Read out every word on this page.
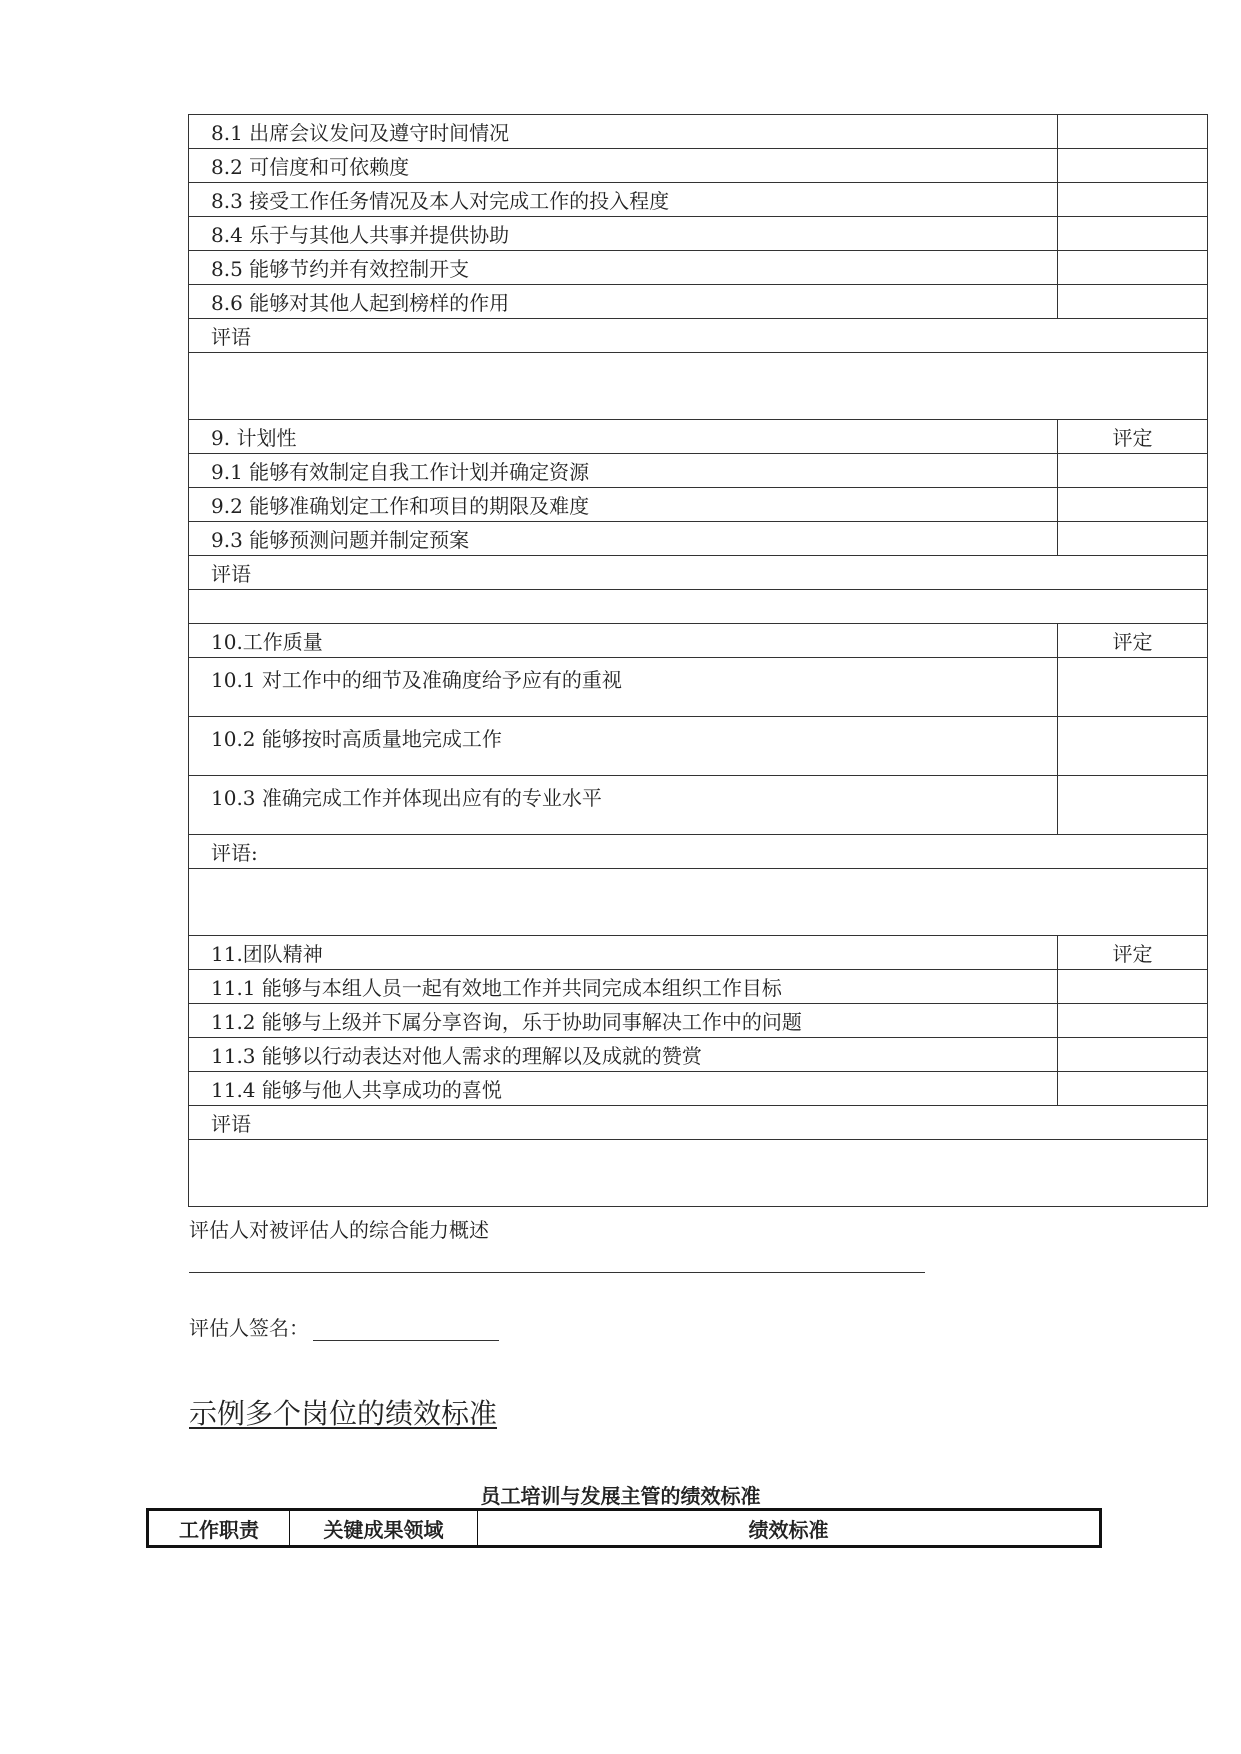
8.1 出席会议发问及遵守时间情况	
8.2 可信度和可依赖度	
8.3 接受工作任务情况及本人对完成工作的投入程度	
8.4 乐于与其他人共事并提供协助	
8.5 能够节约并有效控制开支	
8.6 能够对其他人起到榜样的作用	
评语	

9. 计划性	评定
9.1 能够有效制定自我工作计划并确定资源	
9.2 能够准确划定工作和项目的期限及难度	
9.3 能够预测问题并制定预案	
评语	

10.工作质量	评定
10.1 对工作中的细节及准确度给予应有的重视	
10.2 能够按时高质量地完成工作	
10.3 准确完成工作并体现出应有的专业水平	
评语:	

11.团队精神	评定
11.1 能够与本组人员一起有效地工作并共同完成本组织工作目标	
11.2 能够与上级并下属分享咨询，乐于协助同事解决工作中的问题	
11.3 能够以行动表达对他人需求的理解以及成就的赞赏	
11.4 能够与他人共享成功的喜悦	
评语	

评估人对被评估人的综合能力概述
评估人签名：
示例多个岗位的绩效标准
员工培训与发展主管的绩效标准
工作职责	关键成果领域	绩效标准
